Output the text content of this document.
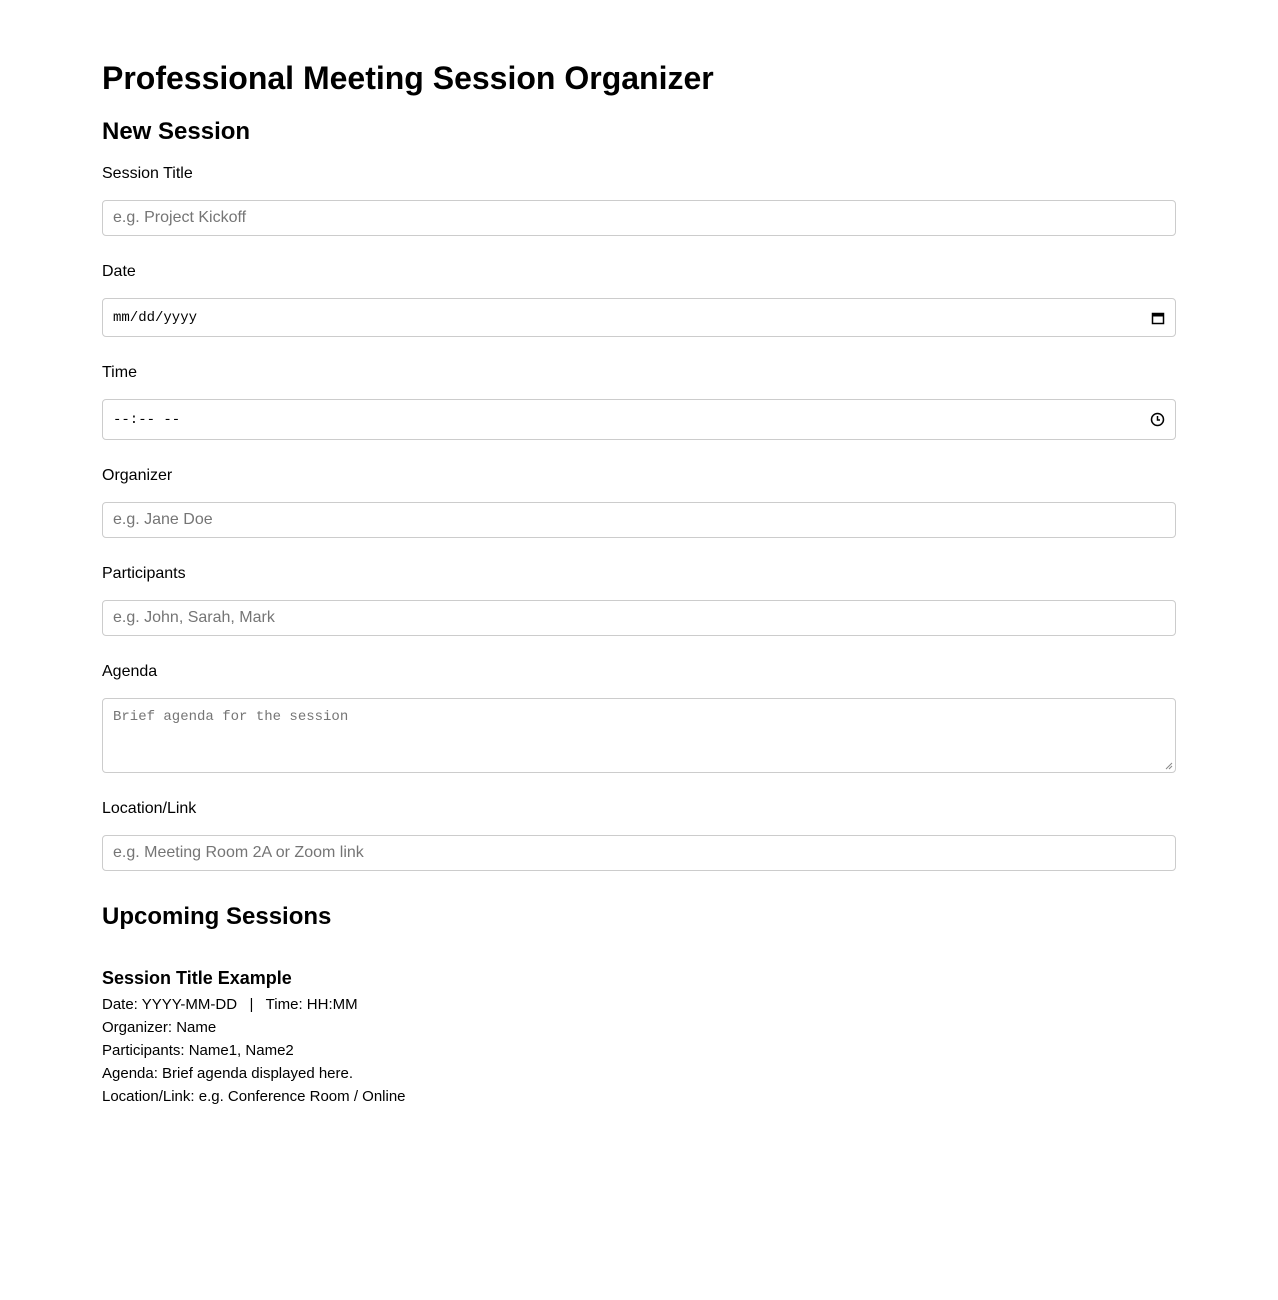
Professional Meeting Session Organizer
New Session
Session Title
e.g. Project Kickoff
Date
mm/dd/yyyy
Time
--:-- --
Organizer
e.g. Jane Doe
Participants
e.g. John, Sarah, Mark
Agenda
Brief agenda for the session
Location/Link
e.g. Meeting Room 2A or Zoom link
Upcoming Sessions
Session Title Example
Date: YYYY-MM-DD   |   Time: HH:MM
Organizer: Name
Participants: Name1, Name2
Agenda: Brief agenda displayed here.
Location/Link: e.g. Conference Room / Online
